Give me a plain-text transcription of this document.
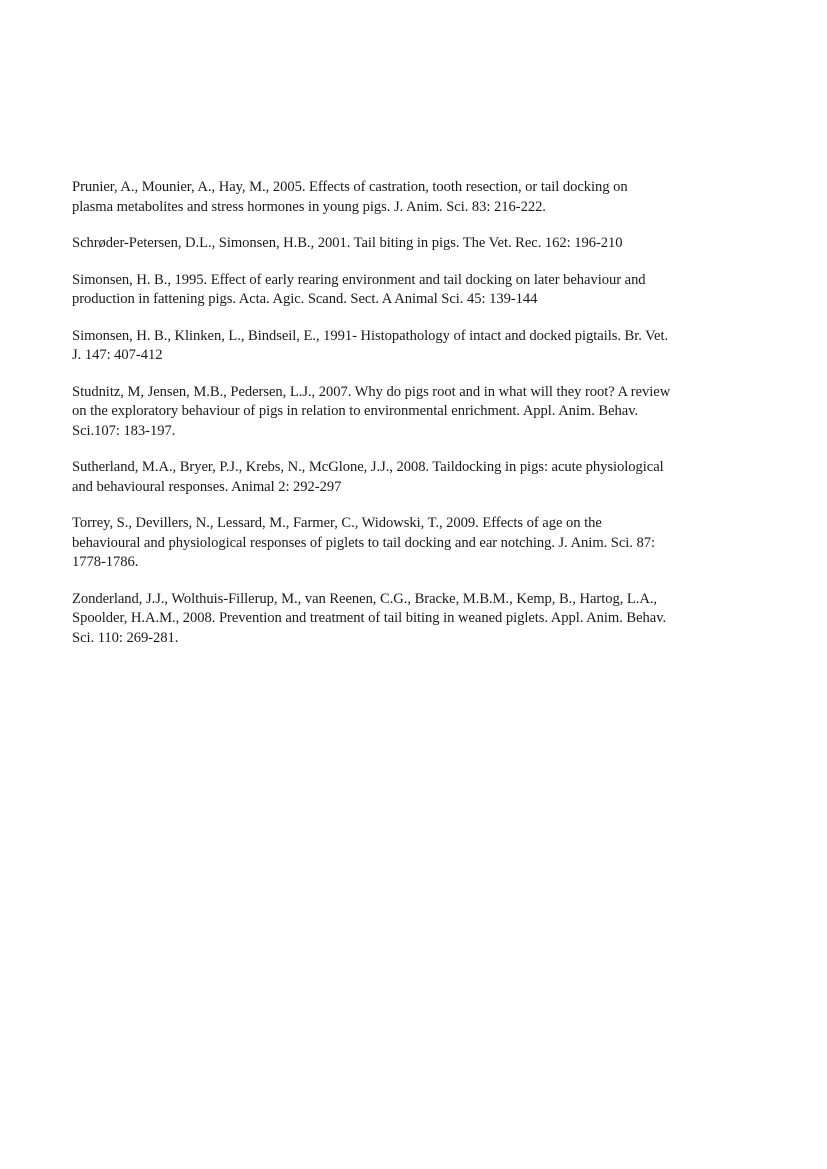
Prunier, A., Mounier, A., Hay, M., 2005. Effects of castration, tooth resection, or tail docking on
plasma metabolites and stress hormones in young pigs. J. Anim. Sci. 83: 216-222.
Schrøder-Petersen, D.L., Simonsen, H.B., 2001. Tail biting in pigs. The Vet. Rec. 162: 196-210
Simonsen, H. B., 1995. Effect of early rearing environment and tail docking on later behaviour and
production in fattening pigs. Acta. Agic. Scand. Sect. A Animal Sci. 45: 139-144
Simonsen, H. B., Klinken, L., Bindseil, E., 1991- Histopathology of intact and docked pigtails. Br. Vet.
J. 147: 407-412
Studnitz, M, Jensen, M.B., Pedersen, L.J., 2007. Why do pigs root and in what will they root? A review
on the exploratory behaviour of pigs in relation to environmental enrichment. Appl. Anim. Behav.
Sci.107: 183-197.
Sutherland, M.A., Bryer, P.J., Krebs, N., McGlone, J.J., 2008. Taildocking in pigs: acute physiological
and behavioural responses. Animal 2: 292-297
Torrey, S., Devillers, N., Lessard, M., Farmer, C., Widowski, T., 2009. Effects of age on the
behavioural and physiological responses of piglets to tail docking and ear notching. J. Anim. Sci. 87:
1778-1786.
Zonderland, J.J., Wolthuis-Fillerup, M., van Reenen, C.G., Bracke, M.B.M., Kemp, B., Hartog, L.A.,
Spoolder, H.A.M., 2008. Prevention and treatment of tail biting in weaned piglets. Appl. Anim. Behav.
Sci. 110: 269-281.
